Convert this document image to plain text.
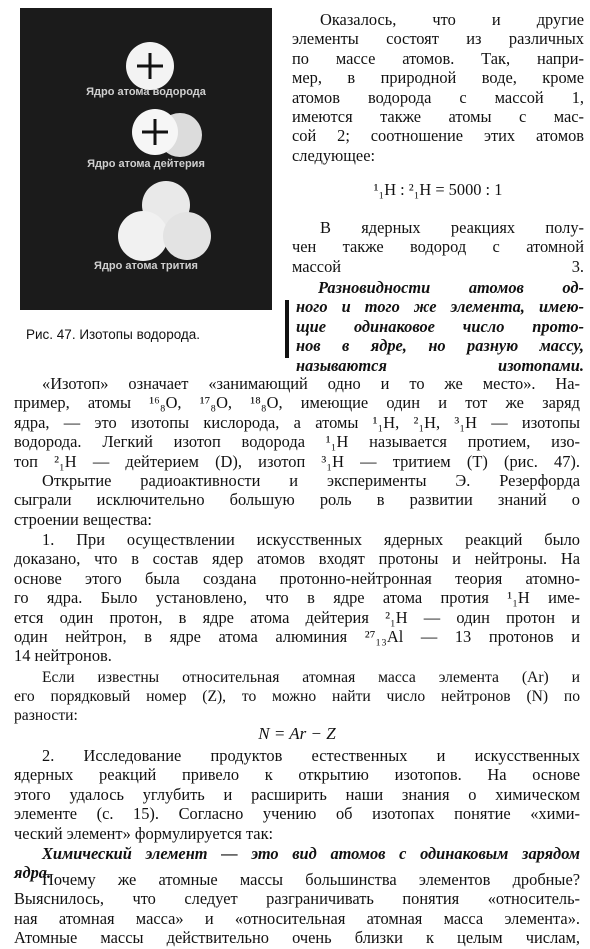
Ядро атома водорода
Ядро атома дейтерия
Ядро атома трития
Рис. 47. Изотопы водорода.
Оказалось, что и другие
элементы состоят из различных
по массе атомов. Так, напри-
мер, в природной воде, кроме
атомов водорода с массой 1,
имеются также атомы с мас-
сой 2; соотношение этих атомов
следующее:
¹₁H : ²₁H = 5000 : 1
В ядерных реакциях полу-
чен также водород с атомной
массой 3.
Разновидности атомов од-
ного и того же элемента, имею-
щие одинаковое число прото-
нов в ядре, но разную массу,
называются изотопами.
«Изотоп» означает «занимающий одно и то же место». На-
пример, атомы ¹⁶₈O, ¹⁷₈O, ¹⁸₈O, имеющие один и тот же заряд
ядра, — это изотопы кислорода, а атомы ¹₁H, ²₁H, ³₁H — изотопы
водорода. Легкий изотоп водорода ¹₁H называется протием, изо-
топ ²₁H — дейтерием (D), изотоп ³₁H — тритием (T) (рис. 47).
Открытие радиоактивности и эксперименты Э. Резерфорда
сыграли исключительно большую роль в развитии знаний о
строении вещества:
1. При осуществлении искусственных ядерных реакций было
доказано, что в состав ядер атомов входят протоны и нейтроны. На
основе этого была создана протонно-нейтронная теория атомно-
го ядра. Было установлено, что в ядре атома протия ¹₁H име-
ется один протон, в ядре атома дейтерия ²₁H — один протон и
один нейтрон, в ядре атома алюминия ²⁷₁₃Al — 13 протонов и
14 нейтронов.
Если известны относительная атомная масса элемента (Ar) и
его порядковый номер (Z), то можно найти число нейтронов (N) по
разности:
N = Ar − Z
2. Исследование продуктов естественных и искусственных
ядерных реакций привело к открытию изотопов. На основе
этого удалось углубить и расширить наши знания о химическом
элементе (с. 15). Согласно учению об изотопах понятие «хими-
ческий элемент» формулируется так:
Химический элемент — это вид атомов с одинаковым зарядом
ядра.
Почему же атомные массы большинства элементов дробные?
Выяснилось, что следует разграничивать понятия «относитель-
ная атомная масса» и «относительная атомная масса элемента».
Атомные массы действительно очень близки к целым числам,
